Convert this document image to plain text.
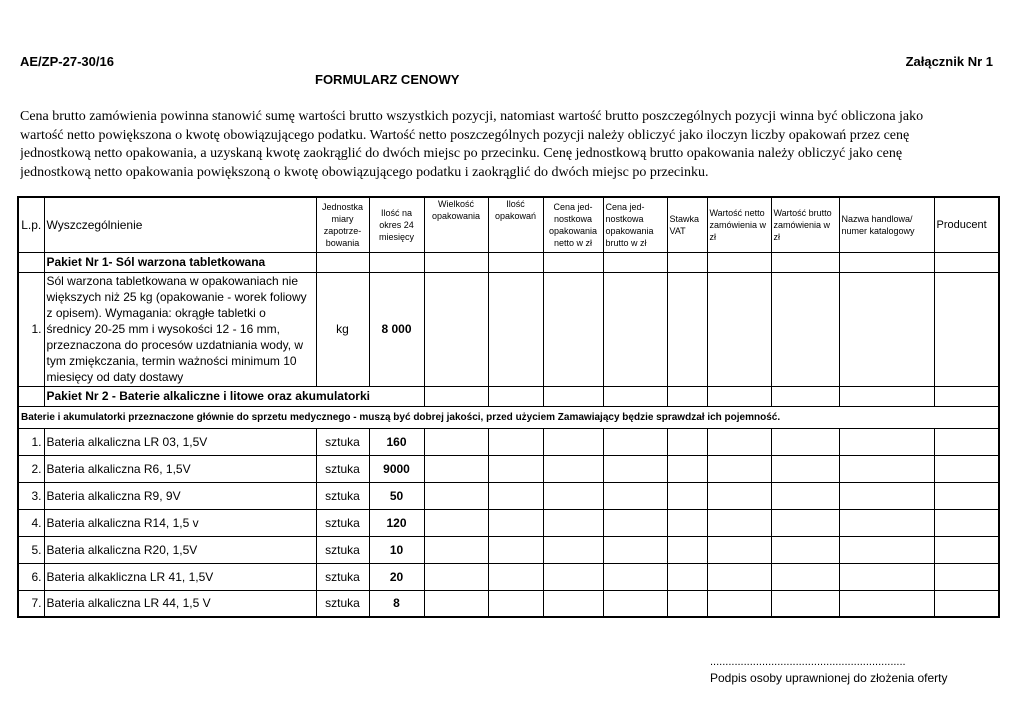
AE/ZP-27-30/16	Załącznik Nr 1
FORMULARZ CENOWY
Cena brutto zamówienia powinna stanowić sumę wartości brutto wszystkich pozycji, natomiast wartość brutto poszczególnych pozycji winna być obliczona jako
wartość netto powiększona o kwotę obowiązującego podatku. Wartość netto poszczególnych pozycji należy obliczyć jako iloczyn liczby opakowań przez cenę
jednostkową netto opakowania, a uzyskaną kwotę zaokrąglić do dwóch miejsc po przecinku. Cenę jednostkową brutto opakowania należy obliczyć jako cenę
jednostkową netto opakowania powiększoną o kwotę obowiązującego podatku i zaokrąglić do dwóch miejsc po przecinku.
L.p.	Wyszczególnienie	Jednostka miary zapotrze-bowania	Ilość na okres 24 miesięcy	Wielkość opakowania	Ilość opakowań	Cena jed-nostkowa opakowania netto w zł	Cena jed-nostkowa opakowania brutto w zł	Stawka VAT	Wartość netto zamówienia w zł	Wartość brutto zamówienia w zł	Nazwa handlowa/ numer katalogowy	Producent
	Pakiet Nr 1- Sól warzona tabletkowana											
1.	Sól warzona tabletkowana w opakowaniach nie większych niż 25 kg (opakowanie - worek foliowy z opisem). Wymagania: okrągłe tabletki o średnicy 20-25 mm i wysokości 12 - 16 mm, przeznaczona do procesów uzdatniania wody, w tym zmiękczania, termin ważności minimum 10 miesięcy od daty dostawy	kg	8 000									
	Pakiet Nr 2 - Baterie alkaliczne i litowe oraz akumulatorki											
Baterie i akumulatorki przeznaczone głównie do sprzetu medycznego - muszą być dobrej jakości, przed użyciem Zamawiający będzie sprawdzał ich pojemność.												
1.	Bateria alkaliczna LR 03, 1,5V	sztuka	160									
2.	Bateria alkaliczna R6, 1,5V	sztuka	9000									
3.	Bateria alkaliczna R9, 9V	sztuka	50									
4.	Bateria alkaliczna R14, 1,5 v	sztuka	120									
5.	Bateria alkaliczna R20, 1,5V	sztuka	10									
6.	Bateria alkakliczna LR 41, 1,5V	sztuka	20									
7.	Bateria alkaliczna LR 44, 1,5 V	sztuka	8									
................................................................
Podpis osoby uprawnionej do złożenia oferty
